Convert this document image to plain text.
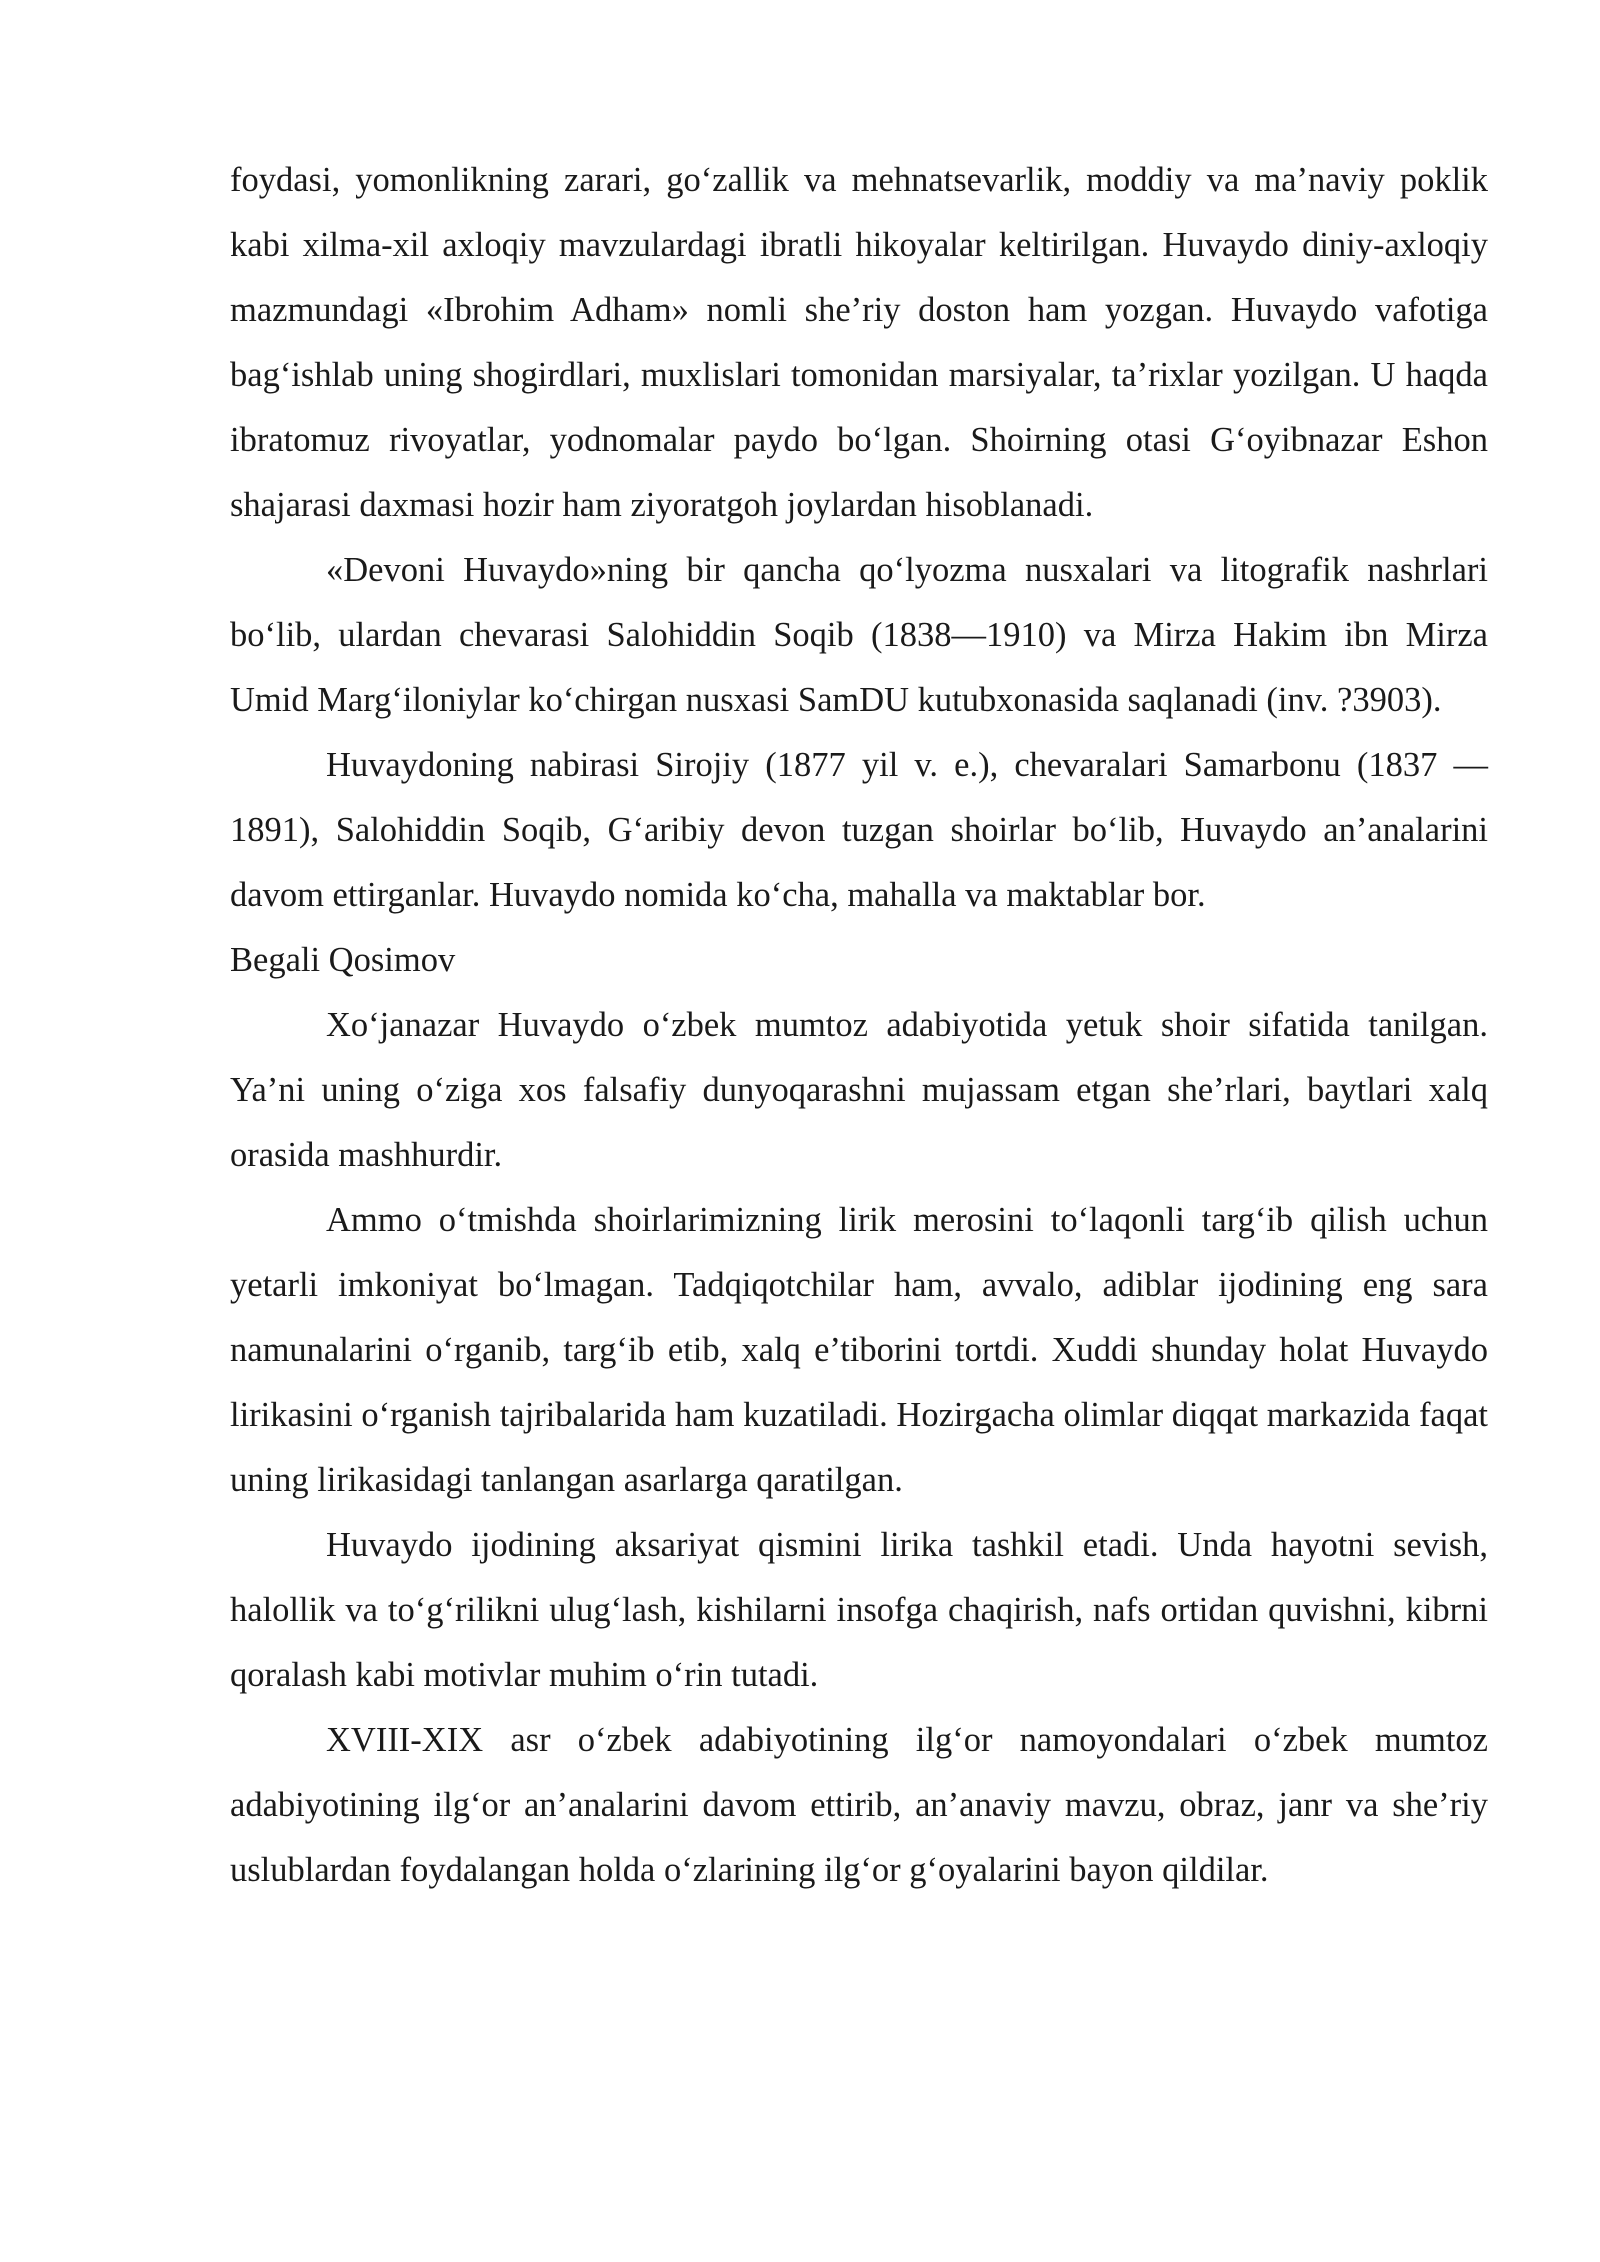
foydasi, yomonlikning zarari, go‘zallik va mehnatsevarlik, moddiy va ma’naviy poklik kabi xilma-xil axloqiy mavzulardagi ibratli hikoyalar keltirilgan. Huvaydo diniy-axloqiy mazmundagi «Ibrohim Adham» nomli she’riy doston ham yozgan. Huvaydo vafotiga bag‘ishlab uning shogirdlari, muxlislari tomonidan marsiyalar, ta’rixlar yozilgan. U haqda ibratomuz rivoyatlar, yodnomalar paydo bo‘lgan. Shoirning otasi G‘oyibnazar Eshon shajarasi daxmasi hozir ham ziyoratgoh joylardan hisoblanadi.

«Devoni Huvaydo»ning bir qancha qo‘lyozma nusxalari va litografik nashrlari bo‘lib, ulardan chevarasi Salohiddin Soqib (1838—1910) va Mirza Hakim ibn Mirza Umid Marg‘iloniylar ko‘chirgan nusxasi SamDU kutubxonasida saqlanadi (inv. ?3903).

Huvaydoning nabirasi Sirojiy (1877 yil v. e.), chevaralari Samarbonu (1837 — 1891), Salohiddin Soqib, G‘aribiy devon tuzgan shoirlar bo‘lib, Huvaydo an’analarini davom ettirganlar. Huvaydo nomida ko‘cha, mahalla va maktablar bor.

Begali Qosimov

Xo‘janazar Huvaydo o‘zbek mumtoz adabiyotida yetuk shoir sifatida tanilgan. Ya’ni uning o‘ziga xos falsafiy dunyoqarashni mujassam etgan she’rlari, baytlari xalq orasida mashhurdir.

Ammo o‘tmishda shoirlarimizning lirik merosini to‘laqonli targ‘ib qilish uchun yetarli imkoniyat bo‘lmagan. Tadqiqotchilar ham, avvalo, adiblar ijodining eng sara namunalarini o‘rganib, targ‘ib etib, xalq e’tiborini tortdi. Xuddi shunday holat Huvaydo lirikasini o‘rganish tajribalarida ham kuzatiladi. Hozirgacha olimlar diqqat markazida faqat uning lirikasidagi tanlangan asarlarga qaratilgan.

Huvaydo ijodining aksariyat qismini lirika tashkil etadi. Unda hayotni sevish, halollik va to‘g‘rilikni ulug‘lash, kishilarni insofga chaqirish, nafs ortidan quvishni, kibrni qoralash kabi motivlar muhim o‘rin tutadi.

XVIII-XIX asr o‘zbek adabiyotining ilg‘or namoyondalari o‘zbek mumtoz adabiyotining ilg‘or an’analarini davom ettirib, an’anaviy mavzu, obraz, janr va she’riy uslublardan foydalangan holda o‘zlarining ilg‘or g‘oyalarini bayon qildilar.
